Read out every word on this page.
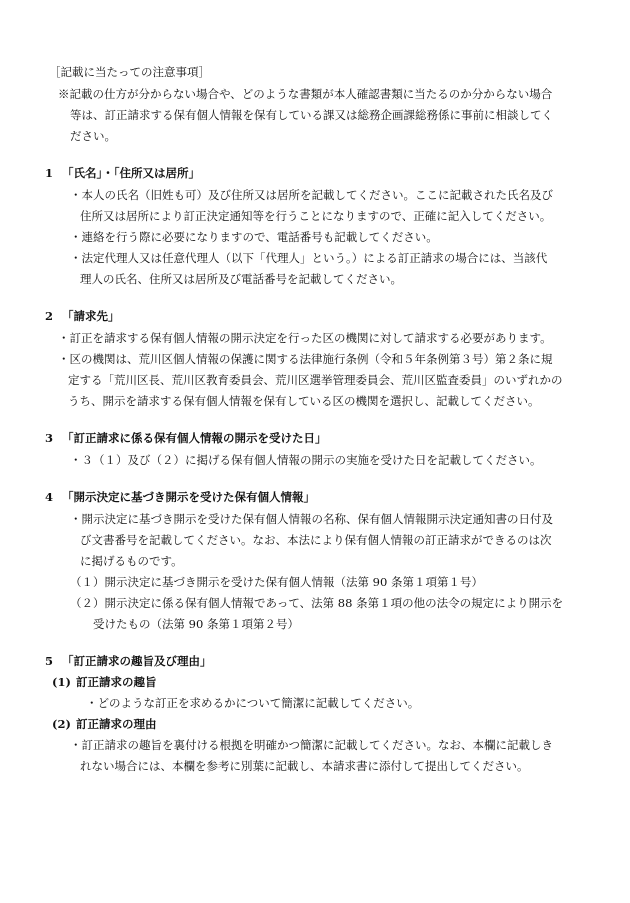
［記載に当たっての注意事項］
※記載の仕方が分からない場合や、どのような書類が本人確認書類に当たるのか分からない場合
等は、訂正請求する保有個人情報を保有している課又は総務企画課総務係に事前に相談してく
ださい。
1 「氏名」・「住所又は居所」
・本人の氏名（旧姓も可）及び住所又は居所を記載してください。ここに記載された氏名及び
住所又は居所により訂正決定通知等を行うことになりますので、正確に記入してください。
・連絡を行う際に必要になりますので、電話番号も記載してください。
・法定代理人又は任意代理人（以下「代理人」という。）による訂正請求の場合には、当該代
理人の氏名、住所又は居所及び電話番号を記載してください。
2 「請求先」
・訂正を請求する保有個人情報の開示決定を行った区の機関に対して請求する必要があります。
・区の機関は、荒川区個人情報の保護に関する法律施行条例（令和５年条例第３号）第２条に規
定する「荒川区長、荒川区教育委員会、荒川区選挙管理委員会、荒川区監査委員」のいずれかの
うち、開示を請求する保有個人情報を保有している区の機関を選択し、記載してください。
3 「訂正請求に係る保有個人情報の開示を受けた日」
・３（１）及び（２）に掲げる保有個人情報の開示の実施を受けた日を記載してください。
4 「開示決定に基づき開示を受けた保有個人情報」
・開示決定に基づき開示を受けた保有個人情報の名称、保有個人情報開示決定通知書の日付及
び文書番号を記載してください。なお、本法により保有個人情報の訂正請求ができるのは次
に掲げるものです。
（１）開示決定に基づき開示を受けた保有個人情報（法第 90 条第１項第１号）
（２）開示決定に係る保有個人情報であって、法第 88 条第１項の他の法令の規定により開示を
受けたもの（法第 90 条第１項第２号）
5 「訂正請求の趣旨及び理由」
(1) 訂正請求の趣旨
・どのような訂正を求めるかについて簡潔に記載してください。
(2) 訂正請求の理由
・訂正請求の趣旨を裏付ける根拠を明確かつ簡潔に記載してください。なお、本欄に記載しき
れない場合には、本欄を参考に別葉に記載し、本請求書に添付して提出してください。
